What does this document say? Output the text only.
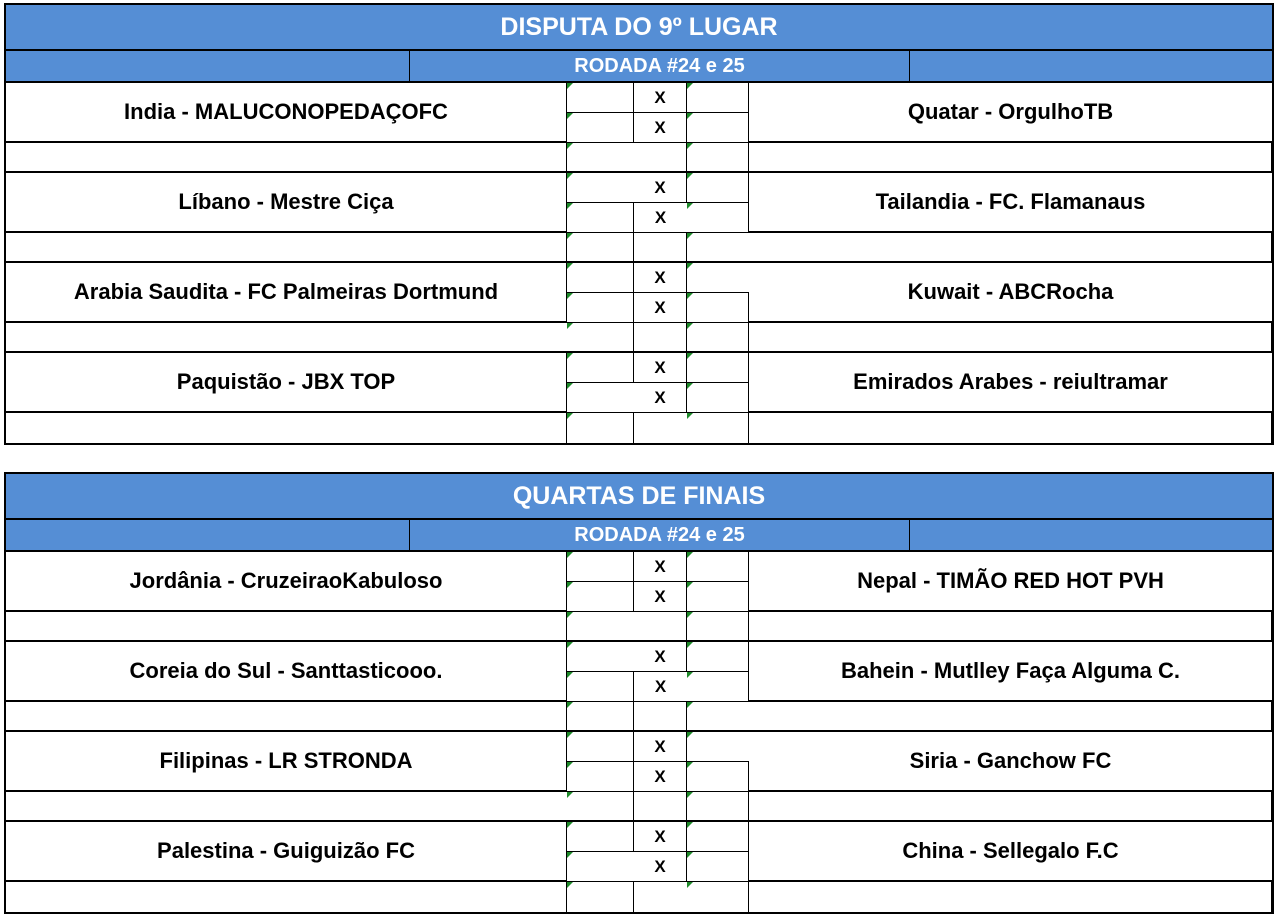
DISPUTA DO 9º LUGAR
RODADA #24 e 25
India - MALUCONOPEDAÇOFC
X
Quatar - OrgulhoTB
X
Líbano - Mestre Ciça
X
Tailandia - FC. Flamanaus
X
Arabia Saudita - FC Palmeiras Dortmund
X
Kuwait - ABCRocha
X
Paquistão - JBX TOP
X
Emirados Arabes - reiultramar
X
QUARTAS DE FINAIS
RODADA #24 e 25
Jordânia - CruzeiraoKabuloso
X
Nepal - TIMÃO RED HOT PVH
X
Coreia do Sul - Santtasticooo.
X
Bahein - Mutlley Faça Alguma C.
X
Filipinas - LR STRONDA
X
Siria - Ganchow FC
X
Palestina - Guiguizão FC
X
China - Sellegalo F.C
X
